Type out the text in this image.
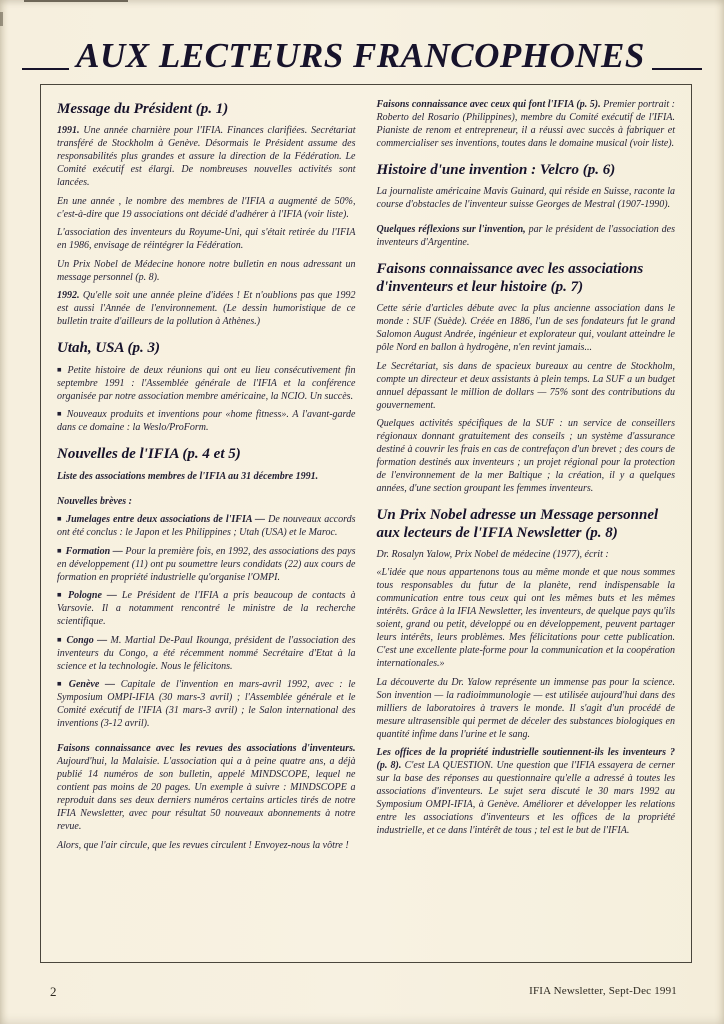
AUX LECTEURS FRANCOPHONES
Message du Président (p. 1)

1991. Une année charnière pour l'IFIA. Finances clarifiées. Secrétariat transféré de Stockholm à Genève. Désormais le Président assume des responsabilités plus grandes et assure la direction de la Fédération. Le Comité exécutif est élargi. De nombreuses nouvelles activités sont lancées.

En une année , le nombre des membres de l'IFIA a augmenté de 50%, c'est-à-dire que 19 associations ont décidé d'adhérer à l'IFIA (voir liste).

L'association des inventeurs du Royume-Uni, qui s'était retirée du l'IFIA en 1986, envisage de réintégrer la Fédération.

Un Prix Nobel de Médecine honore notre bulletin en nous adressant un message personnel (p. 8).

1992. Qu'elle soit une année pleine d'idées ! Et n'oublions pas que 1992 est aussi l'Année de l'environnement. (Le dessin humoristique de ce bulletin traite d'ailleurs de la pollution à Athènes.)

Utah, USA (p. 3)

■ Petite histoire de deux réunions qui ont eu lieu consécutivement fin septembre 1991 : l'Assemblée générale de l'IFIA et la conférence organisée par notre association membre américaine, la NCIO. Un succès.

■ Nouveaux produits et inventions pour «home fitness». A l'avant-garde dans ce domaine : la Weslo/ProForm.

Nouvelles de l'IFIA (p. 4 et 5)

Liste des associations membres de l'IFIA au 31 décembre 1991.

Nouvelles brèves :

■ Jumelages entre deux associations de l'IFIA — De nouveaux accords ont été conclus : le Japon et les Philippines ; Utah (USA) et le Maroc.

■ Formation — Pour la première fois, en 1992, des associations des pays en développement (11) ont pu soumettre leurs condidats (22) aux cours de formation en propriété industrielle qu'organise l'OMPI.

■ Pologne — Le Président de l'IFIA a pris beaucoup de contacts à Varsovie. Il a notamment rencontré le ministre de la recherche scientifique.

■ Congo — M. Martial De-Paul Ikounga, président de l'association des inventeurs du Congo, a été récemment nommé Secrétaire d'Etat à la science et la technologie. Nous le félicitons.

■ Genève — Capitale de l'invention en mars-avril 1992, avec : le Symposium OMPI-IFIA (30 mars-3 avril) ; l'Assemblée générale et le Comité exécutif de l'IFIA (31 mars-3 avril) ; le Salon international des inventions (3-12 avril).

Faisons connaissance avec les revues des associations d'inventeurs. Aujourd'hui, la Malaisie. L'association qui a à peine quatre ans, a déjà publié 14 numéros de son bulletin, appelé MINDSCOPE, lequel ne contient pas moins de 20 pages. Un exemple à suivre : MINDSCOPE a reproduit dans ses deux derniers numéros certains articles tirés de notre IFIA Newsletter, avec pour résultat 50 nouveaux abonnements à notre revue.

Alors, que l'air circule, que les revues circulent ! Envoyez-nous la vôtre !

Faisons connaissance avec ceux qui font l'IFIA (p. 5). Premier portrait : Roberto del Rosario (Philippines), membre du Comité exécutif de l'IFIA. Pianiste de renom et entrepreneur, il a réussi avec succès à fabriquer et commercialiser ses inventions, toutes dans le domaine musical (voir liste).

Histoire d'une invention : Velcro (p. 6)

La journaliste américaine Mavis Guinard, qui réside en Suisse, raconte la course d'obstacles de l'inventeur suisse Georges de Mestral (1907-1990).

Quelques réflexions sur l'invention, par le président de l'association des inventeurs d'Argentine.

Faisons connaissance avec les associations d'inventeurs et leur histoire (p. 7)

Cette série d'articles débute avec la plus ancienne association dans le monde : SUF (Suède). Créée en 1886, l'un de ses fondateurs fut le grand Salomon August Andrée, ingénieur et explorateur qui, voulant atteindre le pôle Nord en ballon à hydrogène, n'en revint jamais...

Le Secrétariat, sis dans de spacieux bureaux au centre de Stockholm, compte un directeur et deux assistants à plein temps. La SUF a un budget annuel dépassant le million de dollars — 75% sont des contributions du gouvernement.

Quelques activités spécifiques de la SUF : un service de conseillers régionaux donnant gratuitement des conseils ; un système d'assurance destiné à couvrir les frais en cas de contrefaçon d'un brevet ; des cours de formation destinés aux inventeurs ; un projet régional pour la protection de l'environnement de la mer Baltique ; la création, il y a quelques années, d'une section groupant les femmes inventeurs.

Un Prix Nobel adresse un Message personnel aux lecteurs de l'IFIA Newsletter (p. 8)

Dr. Rosalyn Yalow, Prix Nobel de médecine (1977), écrit :

«L'idée que nous appartenons tous au même monde et que nous sommes tous responsables du futur de la planète, rend indispensable la communication entre tous ceux qui ont les mêmes buts et les mêmes intérêts. Grâce à la IFIA Newsletter, les inventeurs, de quelque pays qu'ils soient, grand ou petit, développé ou en développement, peuvent partager leurs intérêts, leurs problèmes. Mes félicitations pour cette publication. C'est une excellente plate-forme pour la communication et la coopération internationales.»

La découverte du Dr. Yalow représente un immense pas pour la science. Son invention — la radioimmunologie — est utilisée aujourd'hui dans des milliers de laboratoires à travers le monde. Il s'agit d'un procédé de mesure ultrasensible qui permet de déceler des substances biologiques en quantité infime dans l'urine et le sang.

Les offices de la propriété industrielle soutiennent-ils les inventeurs ? (p. 8). C'est LA QUESTION. Une question que l'IFIA essayera de cerner sur la base des réponses au questionnaire qu'elle a adressé à toutes les associations d'inventeurs. Le sujet sera discuté le 30 mars 1992 au Symposium OMPI-IFIA, à Genève. Améliorer et développer les relations entre les associations d'inventeurs et les offices de la propriété industrielle, et ce dans l'intérêt de tous ; tel est le but de l'IFIA.

2	IFIA Newsletter, Sept-Dec 1991
